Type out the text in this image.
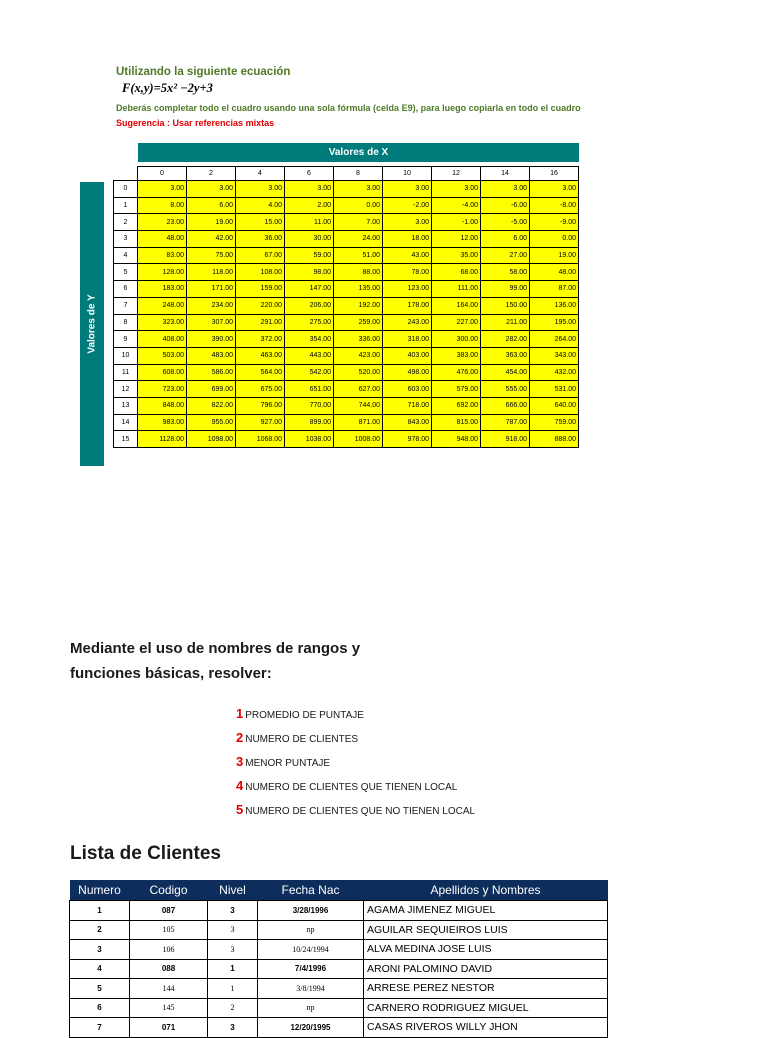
Utilizando la siguiente ecuación
F(x,y)=5x² −2y+3
Deberás completar todo el cuadro usando una sola fórmula (celda E9), para luego copiarla en todo el cuadro
Sugerencia : Usar referencias mixtas
Valores de X
Valores de Y
	0	2	4	6	8	10	12	14	16
0	3.00	3.00	3.00	3.00	3.00	3.00	3.00	3.00	3.00
1	8.00	6.00	4.00	2.00	0.00	-2.00	-4.00	-6.00	-8.00
2	23.00	19.00	15.00	11.00	7.00	3.00	-1.00	-5.00	-9.00
3	48.00	42.00	36.00	30.00	24.00	18.00	12.00	6.00	0.00
4	83.00	75.00	67.00	59.00	51.00	43.00	35.00	27.00	19.00
5	128.00	118.00	108.00	98.00	88.00	78.00	68.00	58.00	48.00
6	183.00	171.00	159.00	147.00	135.00	123.00	111.00	99.00	87.00
7	248.00	234.00	220.00	206.00	192.00	178.00	164.00	150.00	136.00
8	323.00	307.00	291.00	275.00	259.00	243.00	227.00	211.00	195.00
9	408.00	390.00	372.00	354.00	336.00	318.00	300.00	282.00	264.00
10	503.00	483.00	463.00	443.00	423.00	403.00	383.00	363.00	343.00
11	608.00	586.00	564.00	542.00	520.00	498.00	476.00	454.00	432.00
12	723.00	699.00	675.00	651.00	627.00	603.00	579.00	555.00	531.00
13	848.00	822.00	796.00	770.00	744.00	718.00	692.00	666.00	640.00
14	983.00	955.00	927.00	899.00	871.00	843.00	815.00	787.00	759.00
15	1128.00	1098.00	1068.00	1038.00	1008.00	978.00	948.00	918.00	888.00
Mediante el uso de nombres de rangos y funciones básicas, resolver:
1 PROMEDIO DE PUNTAJE
2 NUMERO DE CLIENTES
3 MENOR PUNTAJE
4 NUMERO DE CLIENTES QUE TIENEN LOCAL
5 NUMERO DE CLIENTES QUE NO TIENEN LOCAL
Lista de Clientes
Numero	Codigo	Nivel	Fecha Nac	Apellidos y Nombres
1	087	3	3/28/1996	AGAMA JIMENEZ MIGUEL
2	105	3	np	AGUILAR SEQUIEIROS LUIS
3	106	3	10/24/1994	ALVA MEDINA JOSE LUIS
4	088	1	7/4/1996	ARONI PALOMINO DAVID
5	144	1	3/8/1994	ARRESE PEREZ NESTOR
6	145	2	np	CARNERO RODRIGUEZ MIGUEL
7	071	3	12/20/1995	CASAS RIVEROS WILLY JHON
